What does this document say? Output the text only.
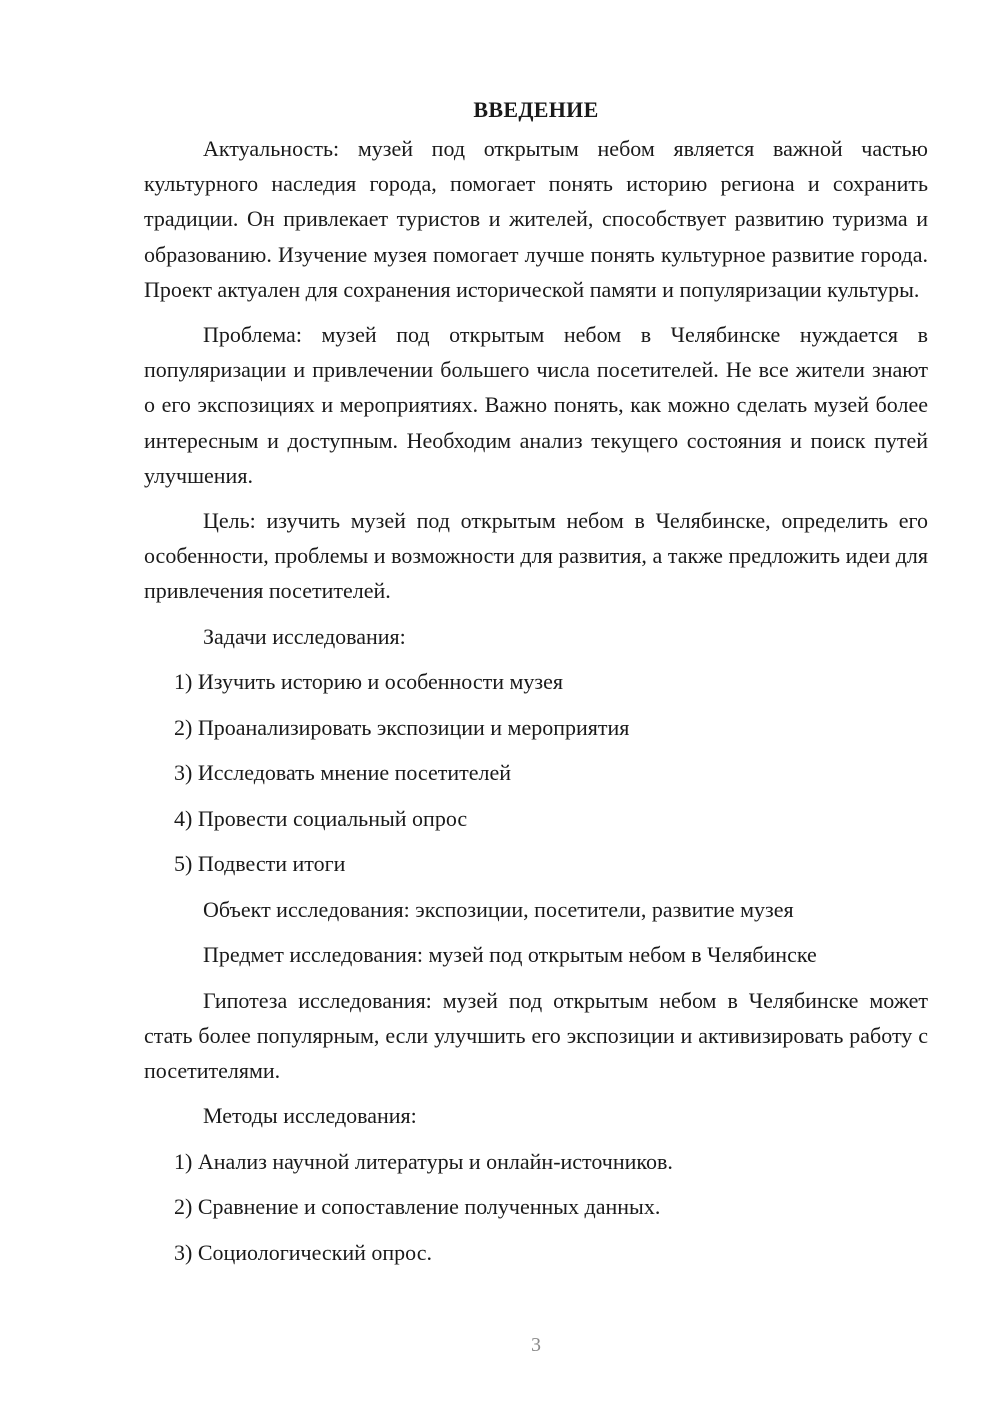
ВВЕДЕНИЕ

Актуальность: музей под открытым небом является важной частью культурного наследия города, помогает понять историю региона и сохранить традиции. Он привлекает туристов и жителей, способствует развитию туризма и образованию. Изучение музея помогает лучше понять культурное развитие города. Проект актуален для сохранения исторической памяти и популяризации культуры.

Проблема: музей под открытым небом в Челябинске нуждается в популяризации и привлечении большего числа посетителей. Не все жители знают о его экспозициях и мероприятиях. Важно понять, как можно сделать музей более интересным и доступным. Необходим анализ текущего состояния и поиск путей улучшения.

Цель: изучить музей под открытым небом в Челябинске, определить его особенности, проблемы и возможности для развития, а также предложить идеи для привлечения посетителей.

Задачи исследования:
1) Изучить историю и особенности музея
2) Проанализировать экспозиции и мероприятия
3) Исследовать мнение посетителей
4) Провести социальный опрос
5) Подвести итоги
Объект исследования: экспозиции, посетители, развитие музея
Предмет исследования: музей под открытым небом в Челябинске

Гипотеза исследования: музей под открытым небом в Челябинске может стать более популярным, если улучшить его экспозиции и активизировать работу с посетителями.

Методы исследования:
1) Анализ научной литературы и онлайн-источников.
2) Сравнение и сопоставление полученных данных.
3) Социологический опрос.
3
